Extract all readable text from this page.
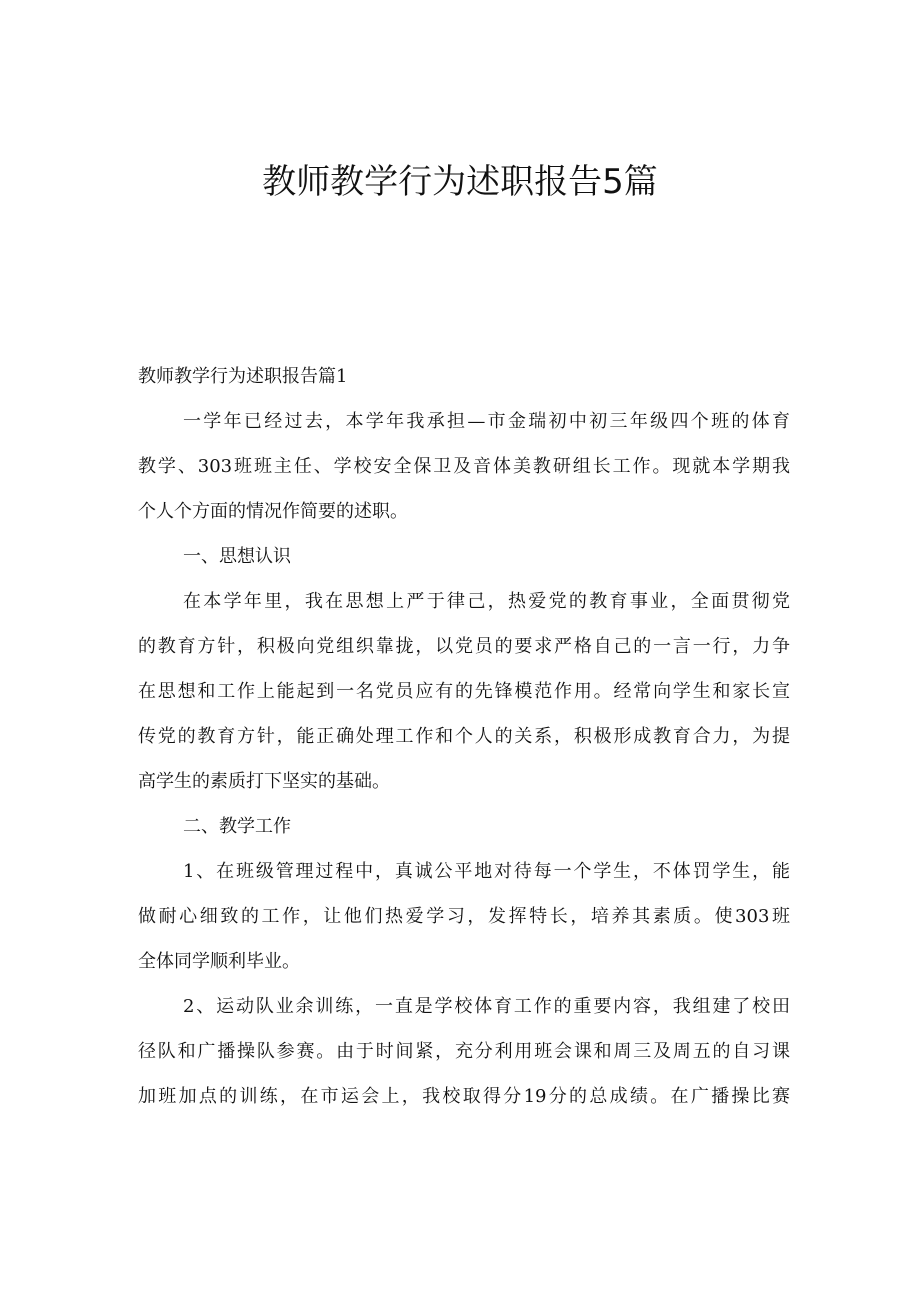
教师教学行为述职报告5篇
教师教学行为述职报告篇1
一学年已经过去，本学年我承担—市金瑞初中初三年级四个班的体育
教学、303班班主任、学校安全保卫及音体美教研组长工作。现就本学期我
个人个方面的情况作简要的述职。
一、思想认识
在本学年里，我在思想上严于律己，热爱党的教育事业，全面贯彻党
的教育方针，积极向党组织靠拢，以党员的要求严格自己的一言一行，力争
在思想和工作上能起到一名党员应有的先锋模范作用。经常向学生和家长宣
传党的教育方针，能正确处理工作和个人的关系，积极形成教育合力，为提
高学生的素质打下坚实的基础。
二、教学工作
1、在班级管理过程中，真诚公平地对待每一个学生，不体罚学生，能
做耐心细致的工作，让他们热爱学习，发挥特长，培养其素质。使303班
全体同学顺利毕业。
2、运动队业余训练，一直是学校体育工作的重要内容，我组建了校田
径队和广播操队参赛。由于时间紧，充分利用班会课和周三及周五的自习课
加班加点的训练，在市运会上，我校取得分19分的总成绩。在广播操比赛
